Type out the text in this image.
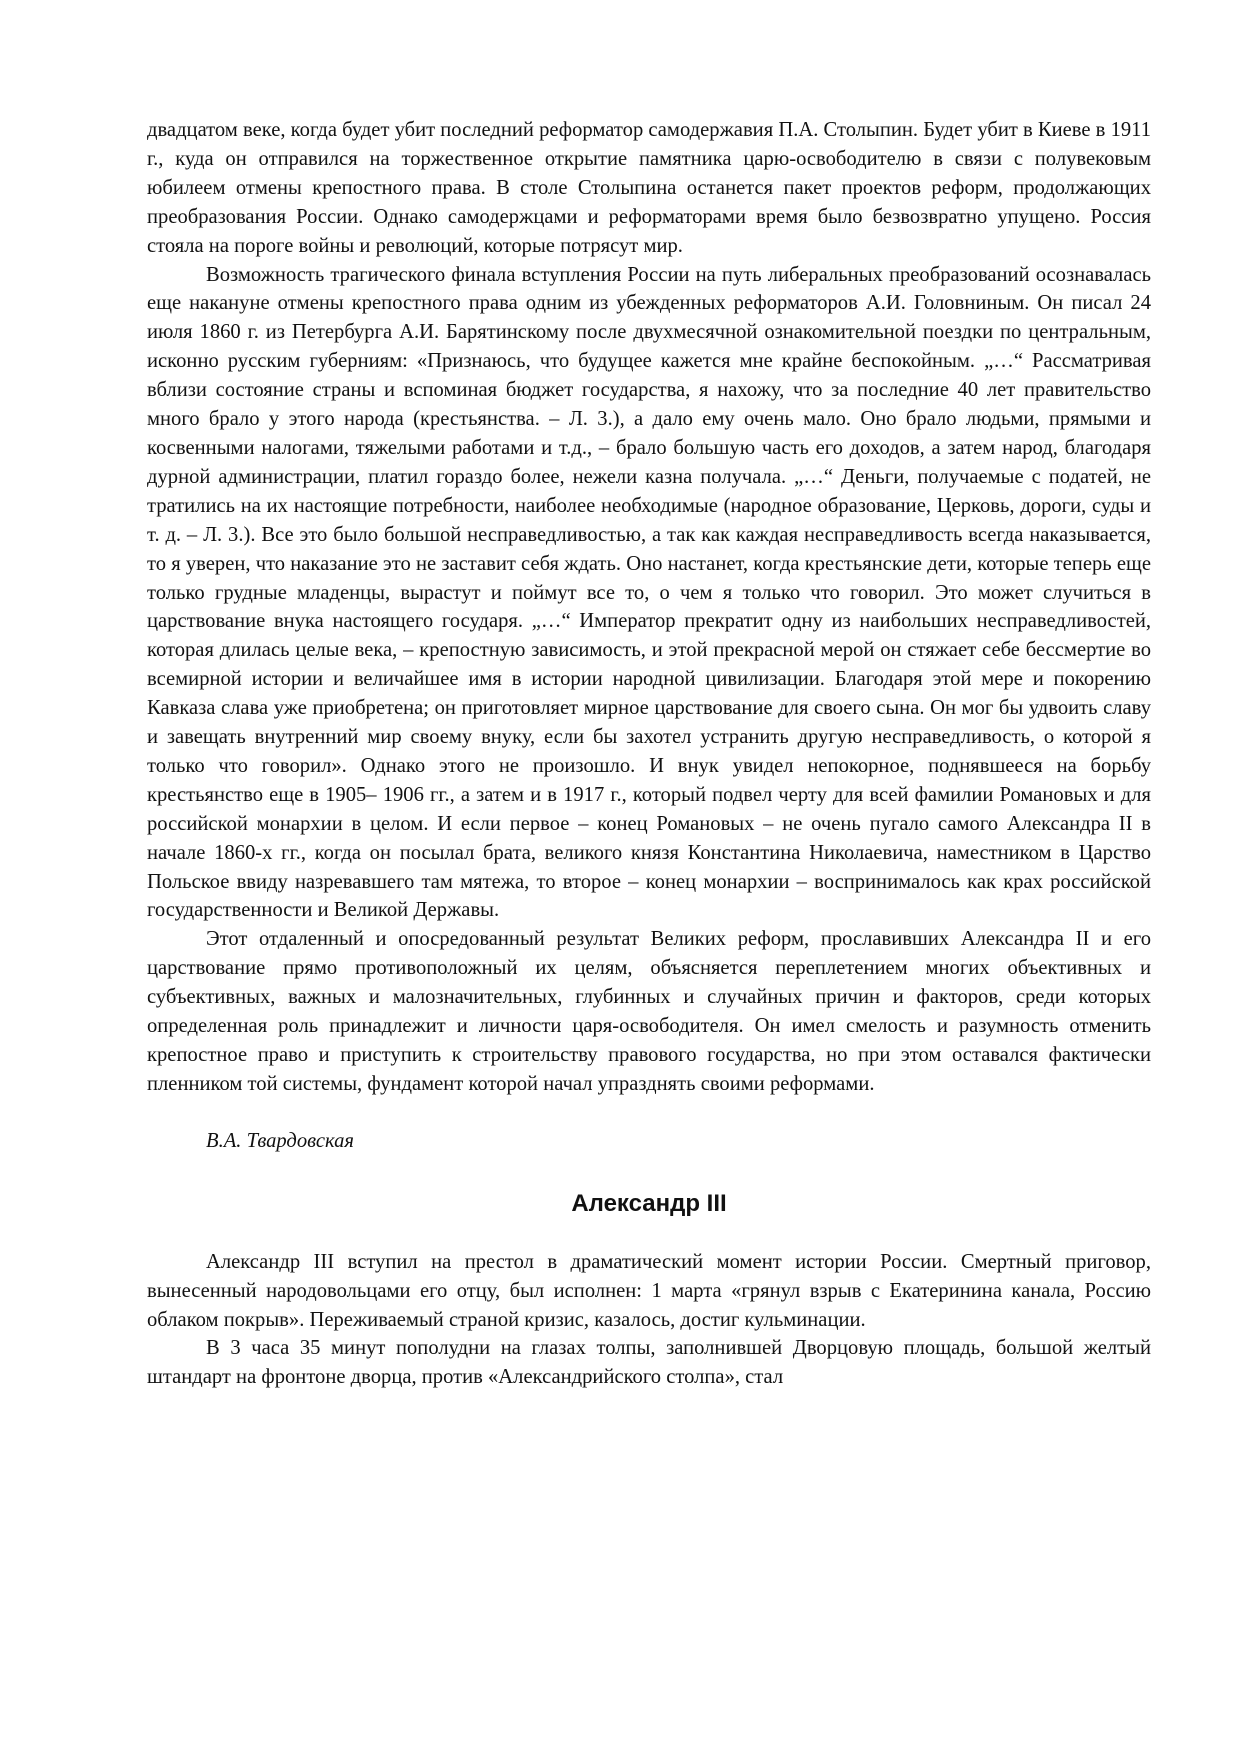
двадцатом веке, когда будет убит последний реформатор самодержавия П.А. Столыпин. Будет убит в Киеве в 1911 г., куда он отправился на торжественное открытие памятника царю-освободителю в связи с полувековым юбилеем отмены крепостного права. В столе Столыпина останется пакет проектов реформ, продолжающих преобразования России. Однако самодержцами и реформаторами время было безвозвратно упущено. Россия стояла на пороге войны и революций, которые потрясут мир.

Возможность трагического финала вступления России на путь либеральных преобразований осознавалась еще накануне отмены крепостного права одним из убежденных реформаторов А.И. Головниным. Он писал 24 июля 1860 г. из Петербурга А.И. Барятинскому после двухмесячной ознакомительной поездки по центральным, исконно русским губерниям: «Признаюсь, что будущее кажется мне крайне беспокойным. „…“ Рассматривая вблизи состояние страны и вспоминая бюджет государства, я нахожу, что за последние 40 лет правительство много брало у этого народа (крестьянства. – Л. 3.), а дало ему очень мало. Оно брало людьми, прямыми и косвенными налогами, тяжелыми работами и т.д., – брало большую часть его доходов, а затем народ, благодаря дурной администрации, платил гораздо более, нежели казна получала. „…“ Деньги, получаемые с податей, не тратились на их настоящие потребности, наиболее необходимые (народное образование, Церковь, дороги, суды и т. д. – Л. 3.). Все это было большой несправедливостью, а так как каждая несправедливость всегда наказывается, то я уверен, что наказание это не заставит себя ждать. Оно настанет, когда крестьянские дети, которые теперь еще только грудные младенцы, вырастут и поймут все то, о чем я только что говорил. Это может случиться в царствование внука настоящего государя. „…“ Император прекратит одну из наибольших несправедливостей, которая длилась целые века, – крепостную зависимость, и этой прекрасной мерой он стяжает себе бессмертие во всемирной истории и величайшее имя в истории народной цивилизации. Благодаря этой мере и покорению Кавказа слава уже приобретена; он приготовляет мирное царствование для своего сына. Он мог бы удвоить славу и завещать внутренний мир своему внуку, если бы захотел устранить другую несправедливость, о которой я только что говорил». Однако этого не произошло. И внук увидел непокорное, поднявшееся на борьбу крестьянство еще в 1905– 1906 гг., а затем и в 1917 г., который подвел черту для всей фамилии Романовых и для российской монархии в целом. И если первое – конец Романовых – не очень пугало самого Александра II в начале 1860-х гг., когда он посылал брата, великого князя Константина Николаевича, наместником в Царство Польское ввиду назревавшего там мятежа, то второе – конец монархии – воспринималось как крах российской государственности и Великой Державы.

Этот отдаленный и опосредованный результат Великих реформ, прославивших Александра II и его царствование прямо противоположный их целям, объясняется переплетением многих объективных и субъективных, важных и малозначительных, глубинных и случайных причин и факторов, среди которых определенная роль принадлежит и личности царя-освободителя. Он имел смелость и разумность отменить крепостное право и приступить к строительству правового государства, но при этом оставался фактически пленником той системы, фундамент которой начал упразднять своими реформами.

В.А. Твардовская

Александр III

Александр III вступил на престол в драматический момент истории России. Смертный приговор, вынесенный народовольцами его отцу, был исполнен: 1 марта «грянул взрыв с Екатеринина канала, Россию облаком покрыв». Переживаемый страной кризис, казалось, достиг кульминации.

В 3 часа 35 минут пополудни на глазах толпы, заполнившей Дворцовую площадь, большой желтый штандарт на фронтоне дворца, против «Александрийского столпа», стал
